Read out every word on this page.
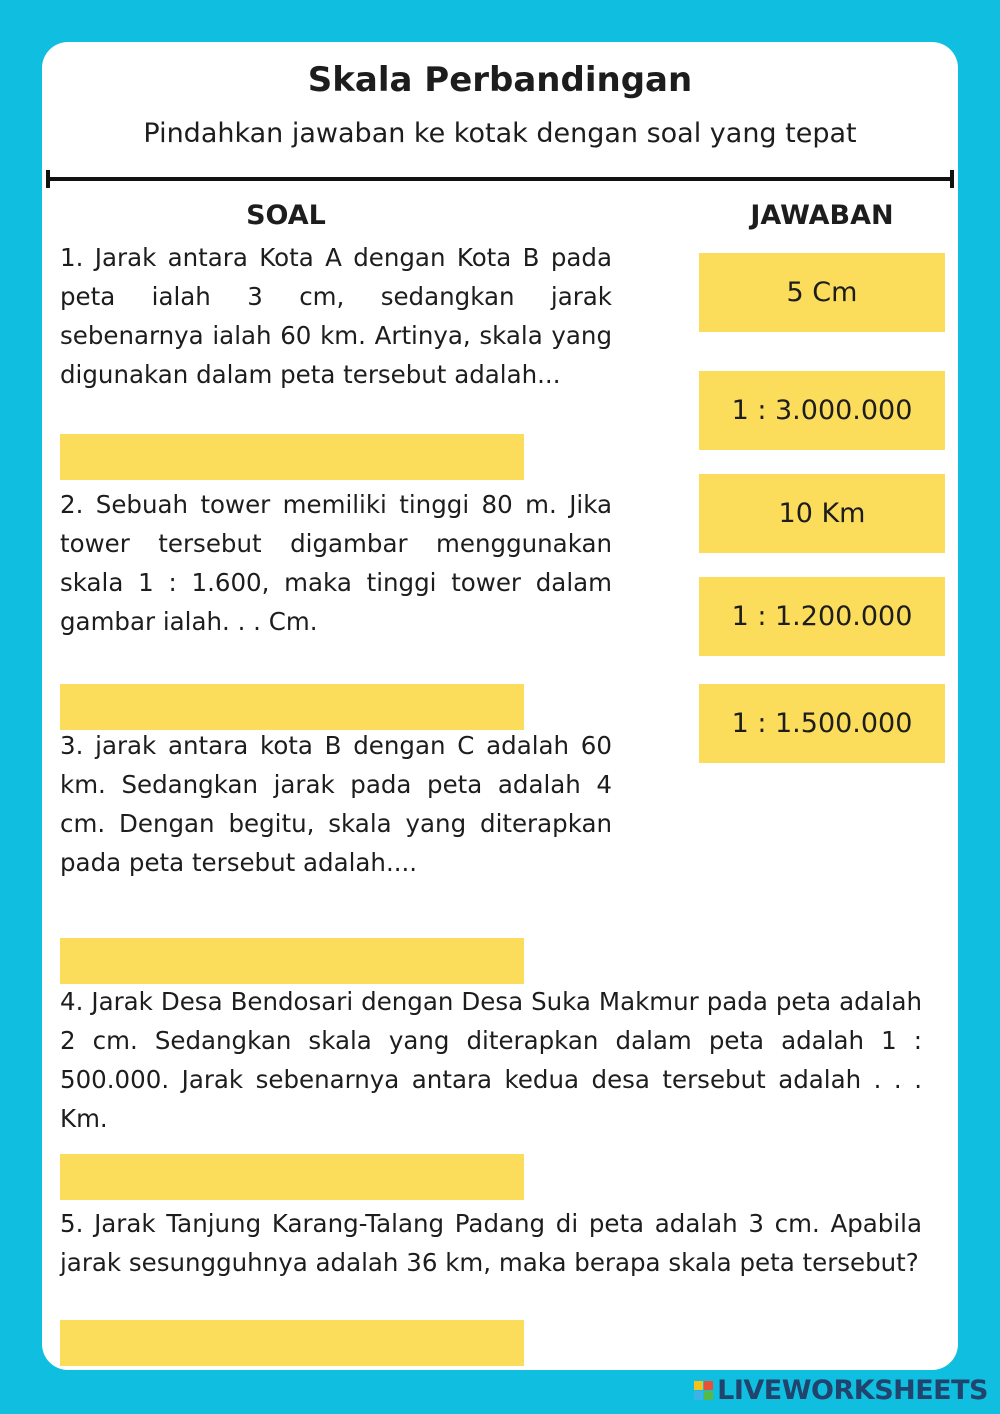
Skala Perbandingan
Pindahkan jawaban ke kotak dengan soal yang tepat
SOAL	JAWABAN

1. Jarak antara Kota A dengan Kota B pada peta ialah 3 cm, sedangkan jarak sebenarnya ialah 60 km. Artinya, skala yang digunakan dalam peta tersebut adalah...

2. Sebuah tower memiliki tinggi 80 m. Jika tower tersebut digambar menggunakan skala 1 : 1.600, maka tinggi tower dalam gambar ialah. . . Cm.

3. jarak antara kota B dengan C adalah 60 km. Sedangkan jarak pada peta adalah 4 cm. Dengan begitu, skala yang diterapkan pada peta tersebut adalah....

4. Jarak Desa Bendosari dengan Desa Suka Makmur pada peta adalah 2 cm. Sedangkan skala yang diterapkan dalam peta adalah 1 : 500.000. Jarak sebenarnya antara kedua desa tersebut adalah . . . Km.

5. Jarak Tanjung Karang-Talang Padang di peta adalah 3 cm. Apabila jarak sesungguhnya adalah 36 km, maka berapa skala peta tersebut?

5 Cm
1 : 3.000.000
10 Km
1 : 1.200.000
1 : 1.500.000
LIVEWORKSHEETS
